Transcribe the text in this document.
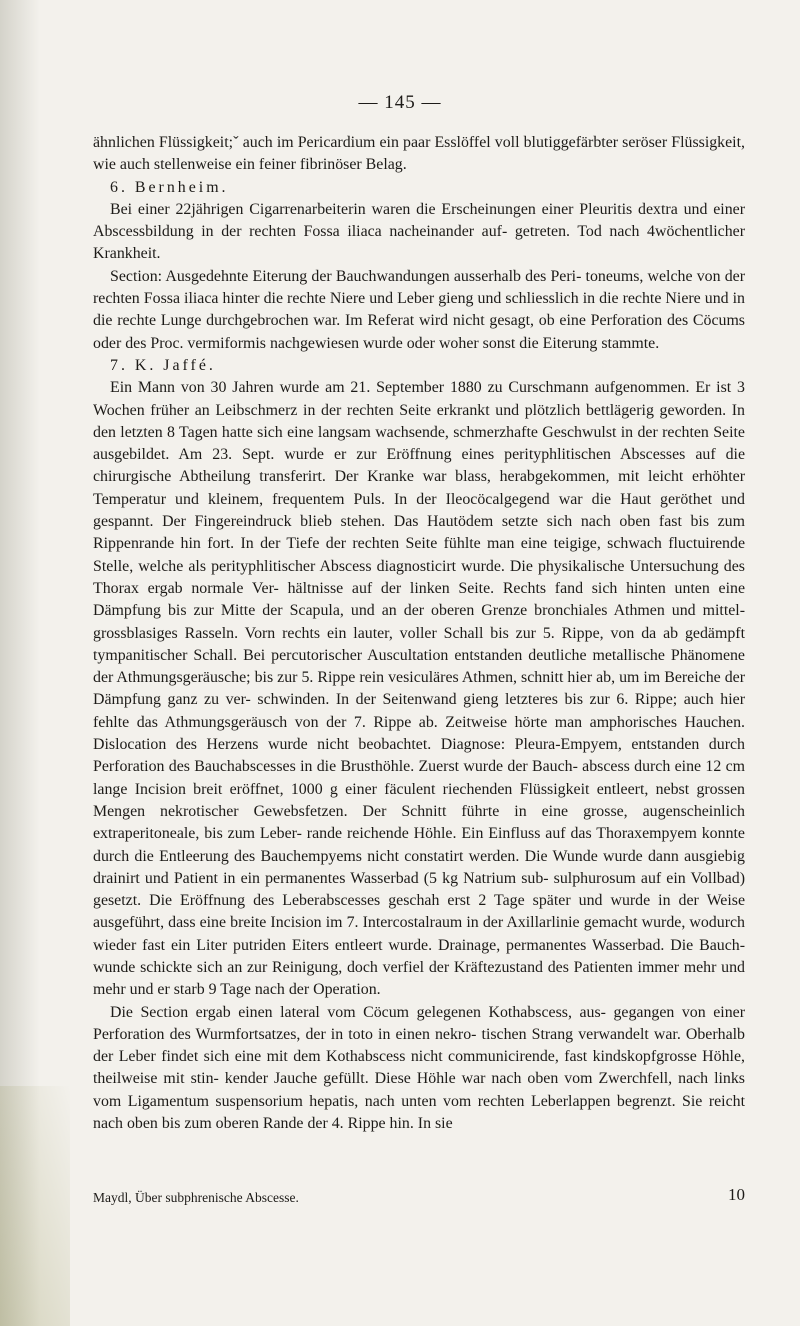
— 145 —

ähnlichen Flüssigkeit;ˇ auch im Pericardium ein paar Esslöffel voll blutiggefärbter seröser Flüssigkeit, wie auch stellenweise ein feiner fibrinöser Belag.

6. Bernheim.

Bei einer 22jährigen Cigarrenarbeiterin waren die Erscheinungen einer Pleuritis dextra und einer Abscessbildung in der rechten Fossa iliaca nacheinander auf- getreten. Tod nach 4wöchentlicher Krankheit.

Section: Ausgedehnte Eiterung der Bauchwandungen ausserhalb des Peri- toneums, welche von der rechten Fossa iliaca hinter die rechte Niere und Leber gieng und schliesslich in die rechte Niere und in die rechte Lunge durchgebrochen war. Im Referat wird nicht gesagt, ob eine Perforation des Cöcums oder des Proc. vermiformis nachgewiesen wurde oder woher sonst die Eiterung stammte.

7. K. Jaffé.

Ein Mann von 30 Jahren wurde am 21. September 1880 zu Curschmann aufgenommen. Er ist 3 Wochen früher an Leibschmerz in der rechten Seite erkrankt und plötzlich bettlägerig geworden. In den letzten 8 Tagen hatte sich eine langsam wachsende, schmerzhafte Geschwulst in der rechten Seite ausgebildet. Am 23. Sept. wurde er zur Eröffnung eines perityphlitischen Abscesses auf die chirurgische Abtheilung transferirt. Der Kranke war blass, herabgekommen, mit leicht erhöhter Temperatur und kleinem, frequentem Puls. In der Ileocöcalgegend war die Haut geröthet und gespannt. Der Fingereindruck blieb stehen. Das Hautödem setzte sich nach oben fast bis zum Rippenrande hin fort. In der Tiefe der rechten Seite fühlte man eine teigige, schwach fluctuirende Stelle, welche als perityphlitischer Abscess diagnosticirt wurde. Die physikalische Untersuchung des Thorax ergab normale Ver- hältnisse auf der linken Seite. Rechts fand sich hinten unten eine Dämpfung bis zur Mitte der Scapula, und an der oberen Grenze bronchiales Athmen und mittel- grossblasiges Rasseln. Vorn rechts ein lauter, voller Schall bis zur 5. Rippe, von da ab gedämpft tympanitischer Schall. Bei percutorischer Auscultation entstanden deutliche metallische Phänomene der Athmungsgeräusche; bis zur 5. Rippe rein vesiculäres Athmen, schnitt hier ab, um im Bereiche der Dämpfung ganz zu ver- schwinden. In der Seitenwand gieng letzteres bis zur 6. Rippe; auch hier fehlte das Athmungsgeräusch von der 7. Rippe ab. Zeitweise hörte man amphorisches Hauchen. Dislocation des Herzens wurde nicht beobachtet. Diagnose: Pleura-Empyem, entstanden durch Perforation des Bauchabscesses in die Brusthöhle. Zuerst wurde der Bauch- abscess durch eine 12 cm lange Incision breit eröffnet, 1000 g einer fäculent riechenden Flüssigkeit entleert, nebst grossen Mengen nekrotischer Gewebsfetzen. Der Schnitt führte in eine grosse, augenscheinlich extraperitoneale, bis zum Leber- rande reichende Höhle. Ein Einfluss auf das Thoraxempyem konnte durch die Entleerung des Bauchempyems nicht constatirt werden. Die Wunde wurde dann ausgiebig drainirt und Patient in ein permanentes Wasserbad (5 kg Natrium sub- sulphurosum auf ein Vollbad) gesetzt. Die Eröffnung des Leberabscesses geschah erst 2 Tage später und wurde in der Weise ausgeführt, dass eine breite Incision im 7. Intercostalraum in der Axillarlinie gemacht wurde, wodurch wieder fast ein Liter putriden Eiters entleert wurde. Drainage, permanentes Wasserbad. Die Bauch- wunde schickte sich an zur Reinigung, doch verfiel der Kräftezustand des Patienten immer mehr und mehr und er starb 9 Tage nach der Operation.

Die Section ergab einen lateral vom Cöcum gelegenen Kothabscess, aus- gegangen von einer Perforation des Wurmfortsatzes, der in toto in einen nekro- tischen Strang verwandelt war. Oberhalb der Leber findet sich eine mit dem Kothabscess nicht communicirende, fast kindskopfgrosse Höhle, theilweise mit stin- kender Jauche gefüllt. Diese Höhle war nach oben vom Zwerchfell, nach links vom Ligamentum suspensorium hepatis, nach unten vom rechten Leberlappen begrenzt. Sie reicht nach oben bis zum oberen Rande der 4. Rippe hin. In sie

Maydl, Über subphrenische Abscesse.	10
